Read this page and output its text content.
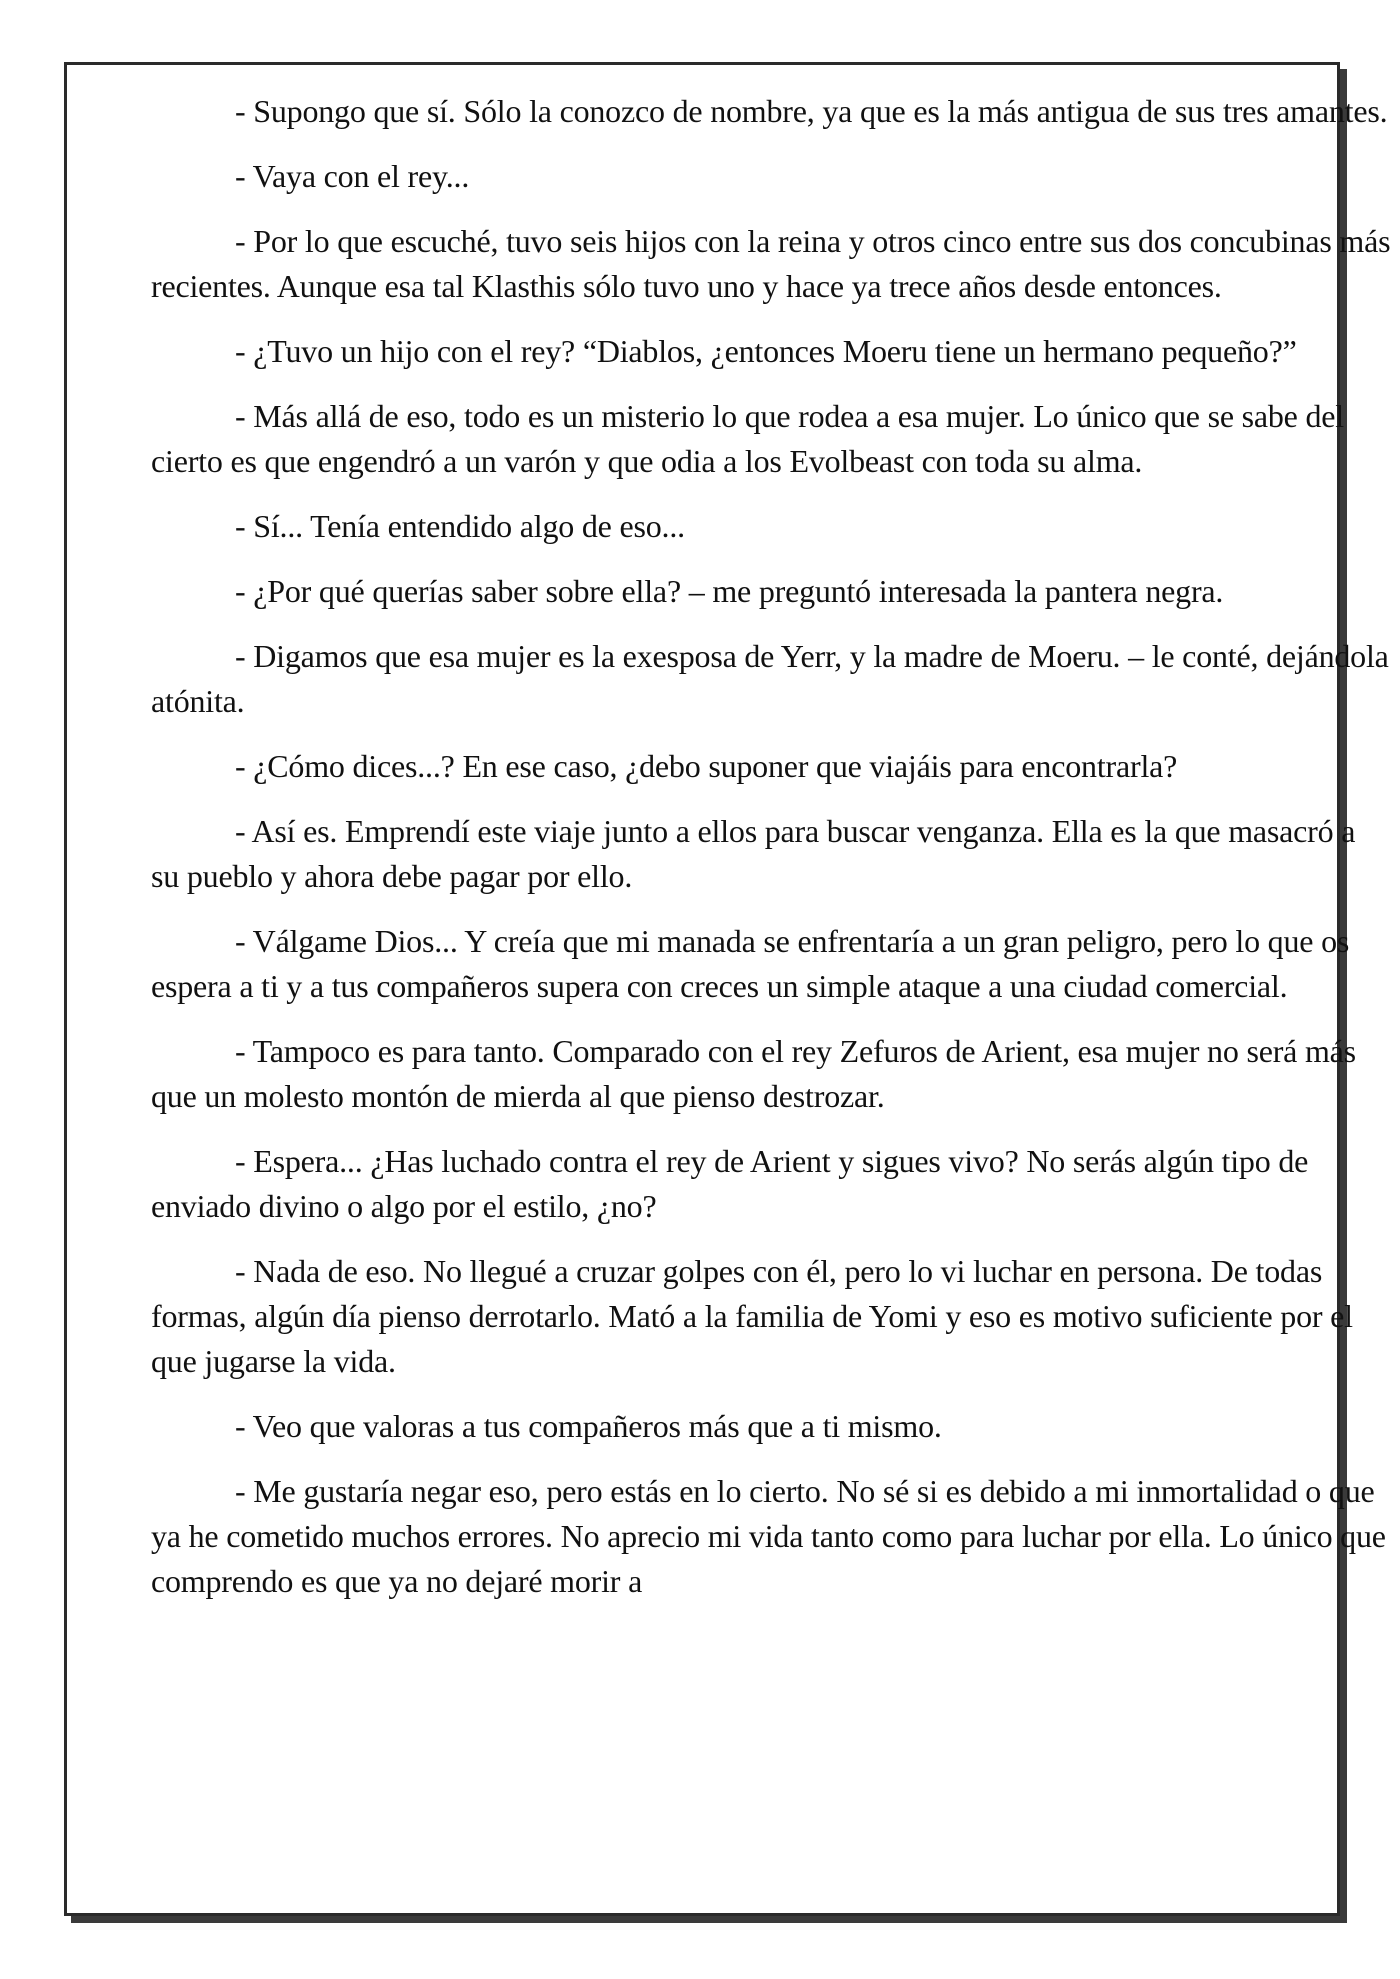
- Supongo que sí. Sólo la conozco de nombre, ya que es la más antigua de sus tres amantes.

- Vaya con el rey...

- Por lo que escuché, tuvo seis hijos con la reina y otros cinco entre sus dos concubinas más recientes. Aunque esa tal Klasthis sólo tuvo uno y hace ya trece años desde entonces.

- ¿Tuvo un hijo con el rey? “Diablos, ¿entonces Moeru tiene un hermano pequeño?”

- Más allá de eso, todo es un misterio lo que rodea a esa mujer. Lo único que se sabe del cierto es que engendró a un varón y que odia a los Evolbeast con toda su alma.

- Sí... Tenía entendido algo de eso...

- ¿Por qué querías saber sobre ella? – me preguntó interesada la pantera negra.

- Digamos que esa mujer es la exesposa de Yerr, y la madre de Moeru. – le conté, dejándola atónita.

- ¿Cómo dices...? En ese caso, ¿debo suponer que viajáis para encontrarla?

- Así es. Emprendí este viaje junto a ellos para buscar venganza. Ella es la que masacró a su pueblo y ahora debe pagar por ello.

- Válgame Dios... Y creía que mi manada se enfrentaría a un gran peligro, pero lo que os espera a ti y a tus compañeros supera con creces un simple ataque a una ciudad comercial.

- Tampoco es para tanto. Comparado con el rey Zefuros de Arient, esa mujer no será más que un molesto montón de mierda al que pienso destrozar.

- Espera... ¿Has luchado contra el rey de Arient y sigues vivo? No serás algún tipo de enviado divino o algo por el estilo, ¿no?

- Nada de eso. No llegué a cruzar golpes con él, pero lo vi luchar en persona. De todas formas, algún día pienso derrotarlo. Mató a la familia de Yomi y eso es motivo suficiente por el que jugarse la vida.

- Veo que valoras a tus compañeros más que a ti mismo.

- Me gustaría negar eso, pero estás en lo cierto. No sé si es debido a mi inmortalidad o que ya he cometido muchos errores. No aprecio mi vida tanto como para luchar por ella. Lo único que comprendo es que ya no dejaré morir a
